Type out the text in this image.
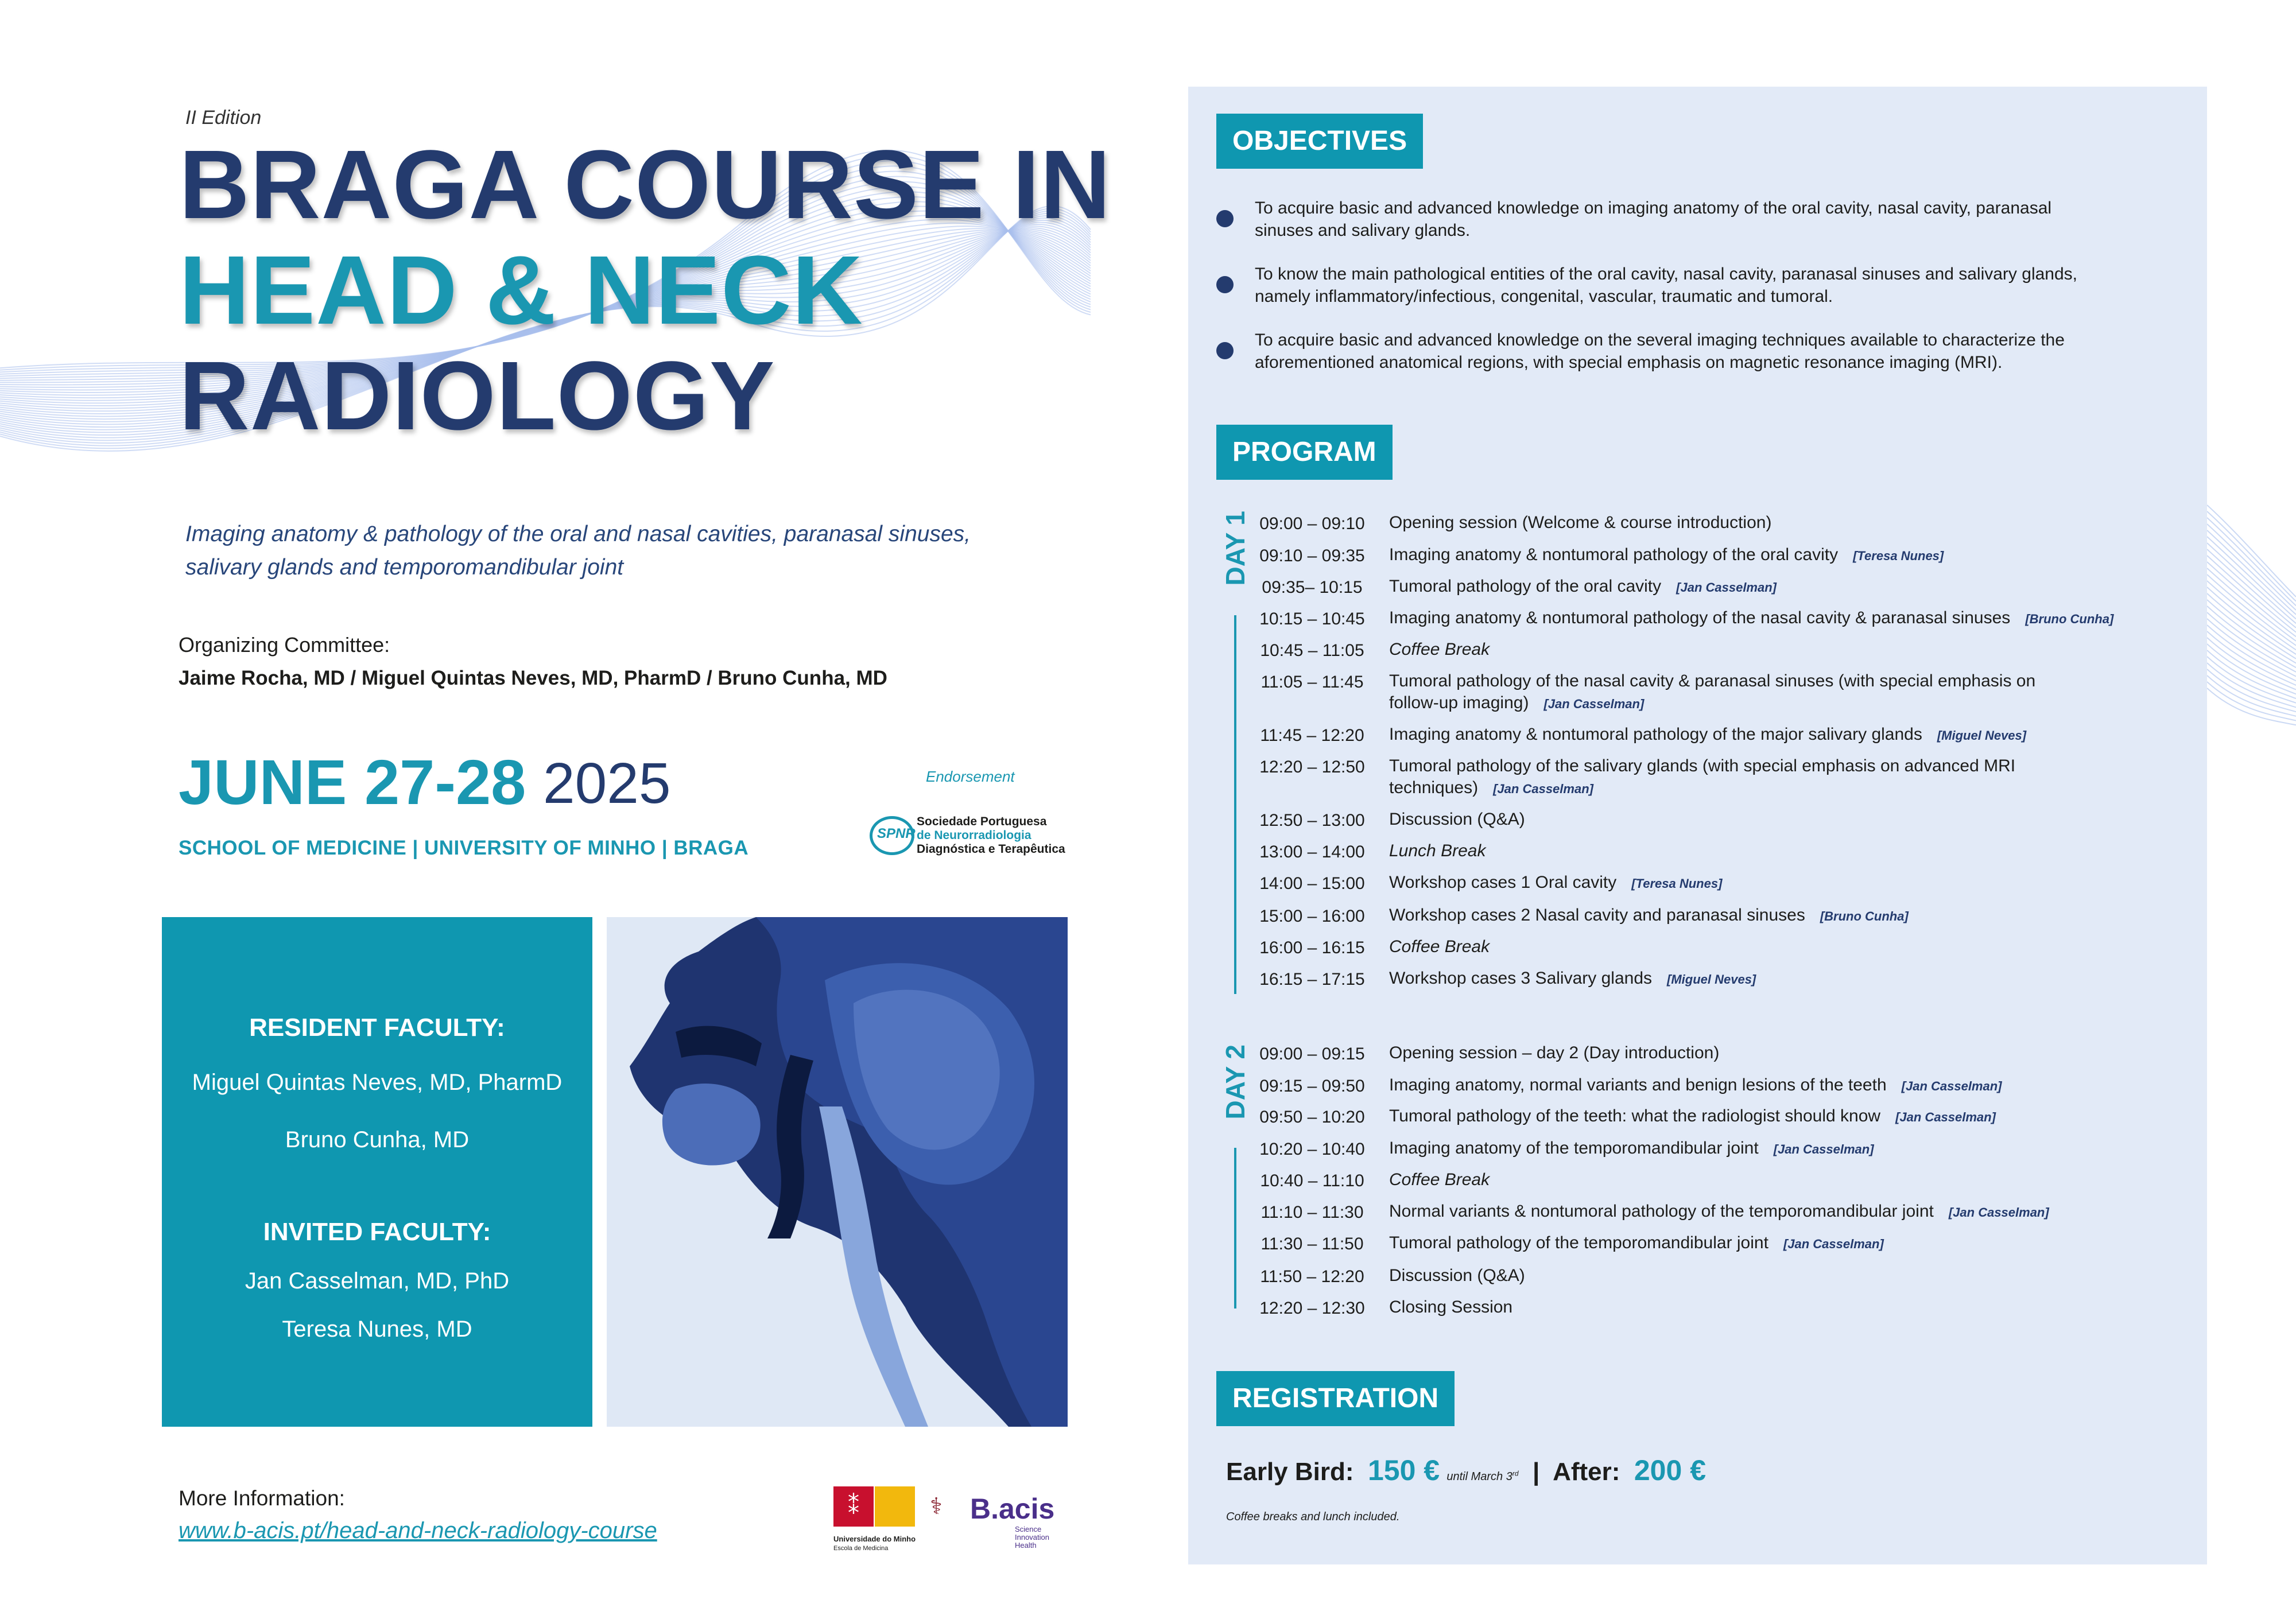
II Edition
BRAGA COURSE IN
HEAD & NECK
RADIOLOGY
Imaging anatomy & pathology of the oral and nasal cavities, paranasal sinuses,
salivary glands and temporomandibular joint
Organizing Committee:
Jaime Rocha, MD / Miguel Quintas Neves, MD, PharmD / Bruno Cunha, MD
JUNE 27-28 2025
SCHOOL OF MEDICINE | UNIVERSITY OF MINHO | BRAGA
Endorsement
SPNR
Sociedade Portuguesa
de Neurorradiologia
Diagnóstica e Terapêutica
RESIDENT FACULTY:
Miguel Quintas Neves, MD, PharmD
Bruno Cunha, MD
INVITED FACULTY:
Jan Casselman, MD, PhD
Teresa Nunes, MD
More Information:
www.b-acis.pt/head-and-neck-radiology-course
⁑	⚕
Universidade do Minho
Escola de Medicina
B.acis
Science
Innovation
Health
OBJECTIVES
To acquire basic and advanced knowledge on imaging anatomy of the oral cavity, nasal cavity, paranasal
sinuses and salivary glands.
To know the main pathological entities of the oral cavity, nasal cavity, paranasal sinuses and salivary glands,
namely inflammatory/infectious, congenital, vascular, traumatic and tumoral.
To acquire basic and advanced knowledge on the several imaging techniques available to characterize the
aforementioned anatomical regions, with special emphasis on magnetic resonance imaging (MRI).
PROGRAM
DAY 1
DAY 2
09:00 – 09:10 Opening session (Welcome & course introduction)
09:10 – 09:35 Imaging anatomy & nontumoral pathology of the oral cavity [Teresa Nunes]
09:35– 10:15	Tumoral pathology of the oral cavity [Jan Casselman]
10:15 – 10:45 Imaging anatomy & nontumoral pathology of the nasal cavity & paranasal sinuses [Bruno Cunha]
10:45 – 11:05	Coffee Break
11:05 – 11:45	Tumoral pathology of the nasal cavity & paranasal sinuses (with special emphasis on
follow-up imaging) [Jan Casselman]
11:45 – 12:20	Imaging anatomy & nontumoral pathology of the major salivary glands [Miguel Neves]
12:20 – 12:50 Tumoral pathology of the salivary glands (with special emphasis on advanced MRI
techniques) [Jan Casselman]
12:50 – 13:00 Discussion (Q&A)
13:00 – 14:00 Lunch Break
14:00 – 15:00 Workshop cases 1 Oral cavity [Teresa Nunes]
15:00 – 16:00 Workshop cases 2 Nasal cavity and paranasal sinuses [Bruno Cunha]
16:00 – 16:15 Coffee Break
16:15 – 17:15 Workshop cases 3 Salivary glands [Miguel Neves]
09:00 – 09:15 Opening session – day 2 (Day introduction)
09:15 – 09:50 Imaging anatomy, normal variants and benign lesions of the teeth [Jan Casselman]
09:50 – 10:20 Tumoral pathology of the teeth: what the radiologist should know [Jan Casselman]
10:20 – 10:40 Imaging anatomy of the temporomandibular joint [Jan Casselman]
10:40 – 11:10	Coffee Break
11:10 – 11:30	Normal variants & nontumoral pathology of the temporomandibular joint [Jan Casselman]
11:30 – 11:50	Tumoral pathology of the temporomandibular joint [Jan Casselman]
11:50 – 12:20	Discussion (Q&A)
12:20 – 12:30 Closing Session
REGISTRATION
Early Bird: 150 € until March 3rd | After: 200 €
Coffee breaks and lunch included.
